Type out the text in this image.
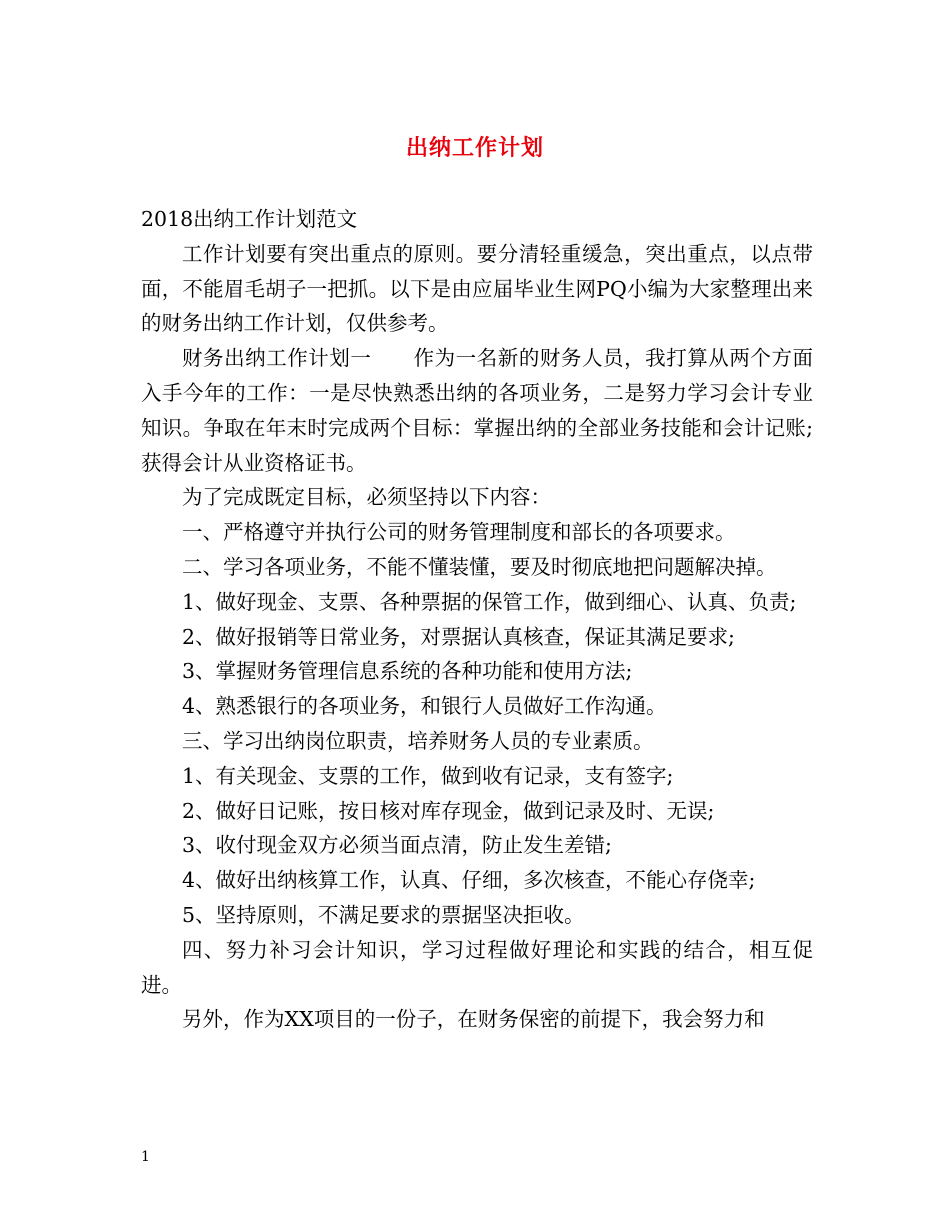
出纳工作计划

2018出纳工作计划范文

工作计划要有突出重点的原则。要分清轻重缓急，突出重点，以点带面，不能眉毛胡子一把抓。以下是由应届毕业生网PQ小编为大家整理出来的财务出纳工作计划，仅供参考。

财务出纳工作计划一　　作为一名新的财务人员，我打算从两个方面入手今年的工作：一是尽快熟悉出纳的各项业务，二是努力学习会计专业知识。争取在年末时完成两个目标：掌握出纳的全部业务技能和会计记账;获得会计从业资格证书。

为了完成既定目标，必须坚持以下内容：

一、严格遵守并执行公司的财务管理制度和部长的各项要求。

二、学习各项业务，不能不懂装懂，要及时彻底地把问题解决掉。

1、做好现金、支票、各种票据的保管工作，做到细心、认真、负责;

2、做好报销等日常业务，对票据认真核查，保证其满足要求;

3、掌握财务管理信息系统的各种功能和使用方法;

4、熟悉银行的各项业务，和银行人员做好工作沟通。

三、学习出纳岗位职责，培养财务人员的专业素质。

1、有关现金、支票的工作，做到收有记录，支有签字;

2、做好日记账，按日核对库存现金，做到记录及时、无误;

3、收付现金双方必须当面点清，防止发生差错;

4、做好出纳核算工作，认真、仔细，多次核查，不能心存侥幸;

5、坚持原则，不满足要求的票据坚决拒收。

四、努力补习会计知识，学习过程做好理论和实践的结合，相互促进。

另外，作为XX项目的一份子，在财务保密的前提下，我会努力和

1
